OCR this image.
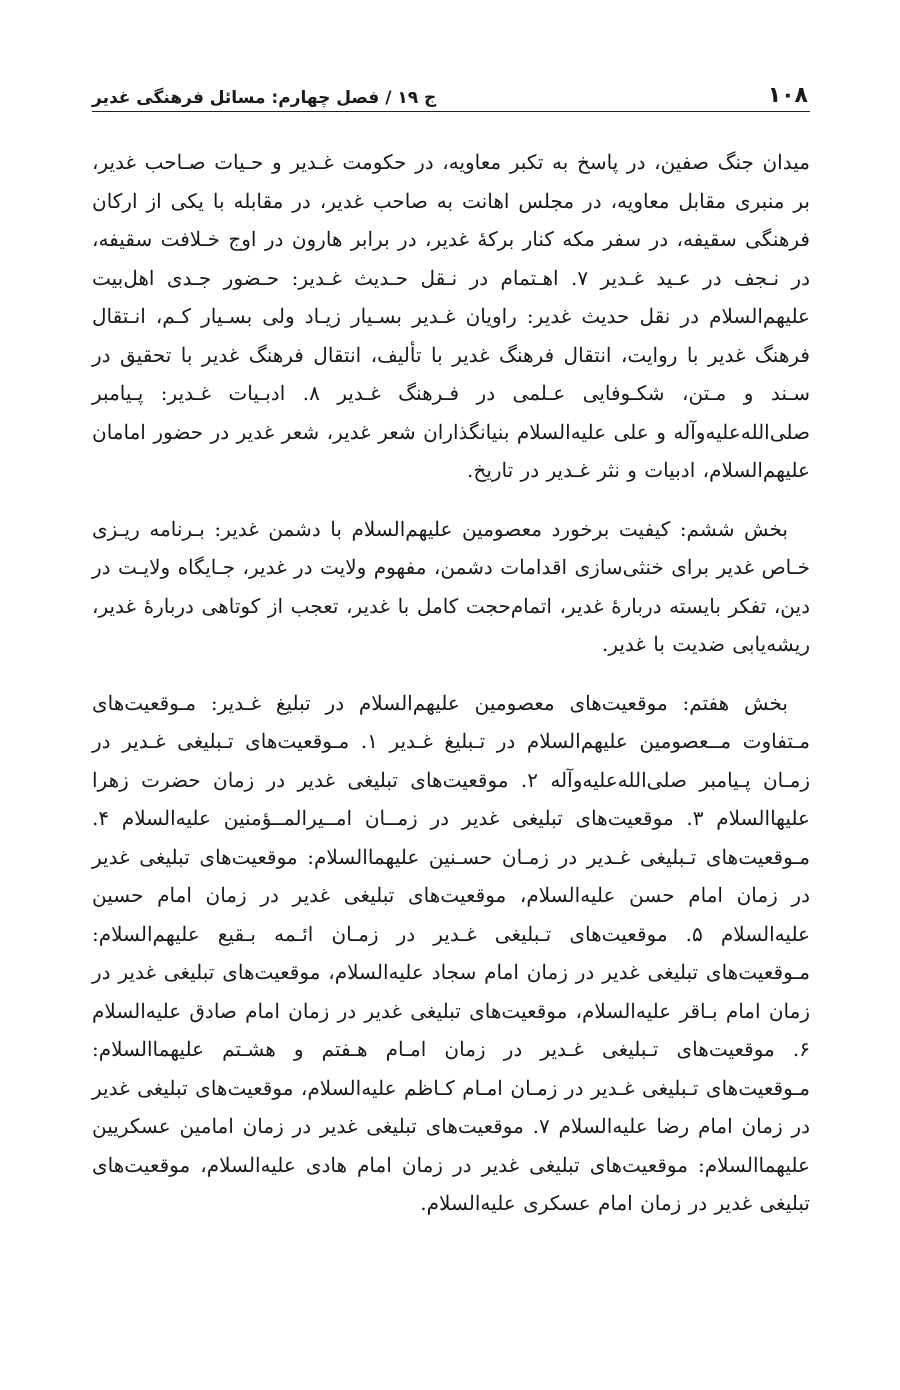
۱۰۸
ج ۱۹ / فصل چهارم: مسائل فرهنگی غدیر

میدان جنگ صفین، در پاسخ به تکبر معاویه، در حکومت غـدیر و حـیات صـاحب غدیر، بر منبری مقابل معاویه، در مجلس اهانت به صاحب غدیر، در مقابله با یکی از ارکان فرهنگی سقیفه، در سفر مکه کنار برکهٔ غدیر، در برابر هارون در اوج خـلافت سقیفه، در نـجف در عـید غـدیر ۷. اهـتمام در نـقل حـدیث غـدیر: حـضور جـدی اهل‌بیت علیهم‌السلام در نقل حدیث غدیر: راویان غـدیر بسـیار زیـاد ولی بسـیار کـم، انـتقال فرهنگ غدیر با روایت، انتقال فرهنگ غدیر با تألیف، انتقال فرهنگ غدیر با تحقیق در سـند و مـتن، شکـوفایی عـلمی در فـرهنگ غـدیر ۸. ادبـیات غـدیر: پـیامبر صلی‌الله‌علیه‌وآله و علی علیه‌السلام بنیانگذاران شعر غدیر، شعر غدیر در حضور امامان علیهم‌السلام، ادبیات و نثر غـدیر در تاریخ.

بخش ششم: کیفیت برخورد معصومین علیهم‌السلام با دشمن غدیر: بـرنامه ریـزی خـاص غدیر برای خنثی‌سازی اقدامات دشمن، مفهوم ولایت در غدیر، جـایگاه ولایـت در دین، تفکر بایسته دربارهٔ غدیر، اتمام‌حجت کامل با غدیر، تعجب از کوتاهی دربارهٔ غدیر، ریشه‌یابی ضدیت با غدیر.

بخش هفتم: موقعیت‌های معصومین علیهم‌السلام در تبلیغ غـدیر: مـوقعیت‌های مـتفاوت مــعصومین علیهم‌السلام در تـبلیغ غـدیر ۱. مـوقعیت‌های تـبلیغی غـدیر در زمـان پـیامبر صلی‌الله‌علیه‌وآله ۲. موقعیت‌های تبلیغی غدیر در زمان حضرت زهرا علیهاالسلام ۳. موقعیت‌های تبلیغی غدیر در زمــان امــیرالمــؤمنین علیه‌السلام ۴. مـوقعیت‌های تـبلیغی غـدیر در زمـان حسـنین علیهماالسلام: موقعیت‌های تبلیغی غدیر در زمان امام حسن علیه‌السلام، موقعیت‌های تبلیغی غدیر در زمان امام حسین علیه‌السلام ۵. موقعیت‌های تـبلیغی غـدیر در زمـان ائـمه بـقیع علیهم‌السلام: مـوقعیت‌های تبلیغی غدیر در زمان امام سجاد علیه‌السلام، موقعیت‌های تبلیغی غدیر در زمان امام بـاقر علیه‌السلام، موقعیت‌های تبلیغی غدیر در زمان امام صادق علیه‌السلام ۶. موقعیت‌های تـبلیغی غـدیر در زمان امـام هـفتم و هشـتم علیهماالسلام: مـوقعیت‌های تـبلیغی غـدیر در زمـان امـام کـاظم علیه‌السلام، موقعیت‌های تبلیغی غدیر در زمان امام رضا علیه‌السلام ۷. موقعیت‌های تبلیغی غدیر در زمان امامین عسکریین علیهماالسلام: موقعیت‌های تبلیغی غدیر در زمان امام هادی علیه‌السلام، موقعیت‌های تبلیغی غدیر در زمان امام عسکری علیه‌السلام.
